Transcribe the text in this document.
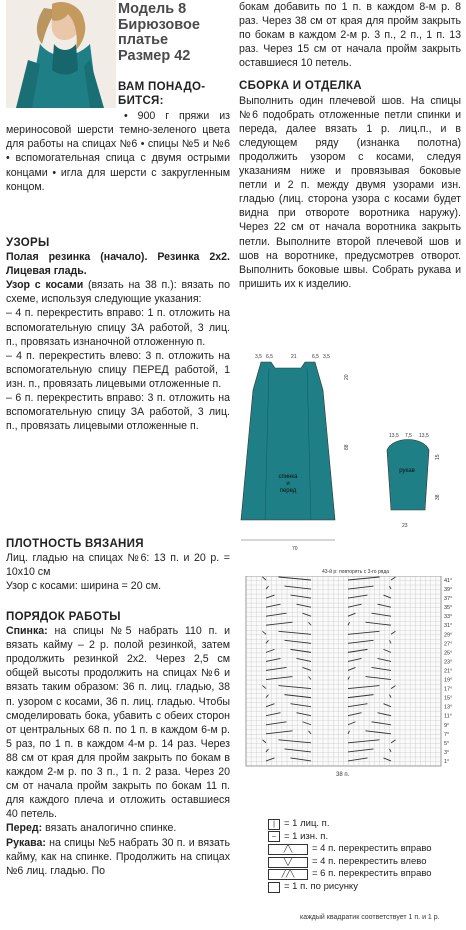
Модель 8
Бирюзовое
платье
Размер 42

ВАМ ПОНАДО-

БИТСЯ:

• 900 г пряжи из мериносовой шерсти темно-зеленого цвета для работы на спицах №6 • спицы №5 и №6 • вспомогательная спица с двумя острыми концами • игла для шерсти с закругленным концом.

УЗОРЫ

Полая резинка (начало). Резинка 2х2. Лицевая гладь.

Узор с косами (вязать на 38 п.): вязать по схеме, используя следующие указания:

– 4 п. перекрестить вправо: 1 п. отложить на вспомогательную спицу ЗА работой, 3 лиц. п., провязать изнаночной отложенную п.

– 4 п. перекрестить влево: 3 п. отложить на вспомогательную спицу ПЕРЕД работой, 1 изн. п., провязать лицевыми отложенные п.

– 6 п. перекрестить вправо: 3 п. отложить на вспомогательную спицу ЗА работой, 3 лиц. п., провязать лицевыми отложенные п.

ПЛОТНОСТЬ ВЯЗАНИЯ

Лиц. гладью на спицах №6: 13 п. и 20 р. = 10х10 см

Узор с косами: ширина = 20 см.

ПОРЯДОК РАБОТЫ

Спинка: на спицы №5 набрать 110 п. и вязать кайму – 2 р. полой резинкой, затем продолжить резинкой 2х2. Через 2,5 см общей высоты продолжить на спицах №6 и вязать таким образом: 36 п. лиц. гладью, 38 п. узором с косами, 36 п. лиц. гладью. Чтобы смоделировать бока, убавить с обеих сторон от центральных 68 п. по 1 п. в каждом 6-м р. 5 раз, по 1 п. в каждом 4-м р. 14 раз. Через 88 см от края для пройм закрыть по бокам в каждом 2-м р. по 3 п., 1 п. 2 раза. Через 20 см от начала пройм закрыть по бокам 11 п. для каждого плеча и отложить оставшиеся 40 петель.

Перед: вязать аналогично спинке.

Рукава: на спицы №5 набрать 30 п. и вязать кайму, как на спинке. Продолжить на спицах №6 лиц. гладью. По

бокам добавить по 1 п. в каждом 8-м р. 8 раз. Через 38 см от края для пройм закрыть по бокам в каждом 2-м р. 3 п., 2 п., 1 п. 13 раз. Через 15 см от начала пройм закрыть оставшиеся 10 петель.

СБОРКА И ОТДЕЛКА

Выполнить один плечевой шов. На спицы №6 подобрать отложенные петли спинки и переда, далее вязать 1 р. лиц.п., и в следующем ряду (изнанка полотна) продолжить узором с косами, следуя указаниям ниже и провязывая боковые петли и 2 п. между двумя узорами изн. гладью (лиц. сторона узора с косами будет видна при отвороте воротника наружу). Через 22 см от начала воротника закрыть петли. Выполните второй плечевой шов и шов на воротнике, предусмотрев отворот. Выполнить боковые швы. Собрать рукава и пришить их к изделию.

3,5 6,5	21	6,5 3,5
20
88
70
13,5 7,5 13,5
15
38
23
43-й р: повторять с 3-го ряда
спинка
и
перед
рукав
41°
39°
37°
35°
33°
31°
29°
27°
25°
23°
21°
19°
17°
15°
13°
11°
9°
7°
5°
3°
1°
38 п.
| = 1 лиц. п.
– = 1 изн. п.
╱╲	= 4 п. перекрестить вправо
╲╱	= 4 п. перекрестить влево
╱╱╲	= 6 п. перекрестить вправо
= 1 п. по рисунку
каждый квадратик соответствует 1 п. и 1 р.
